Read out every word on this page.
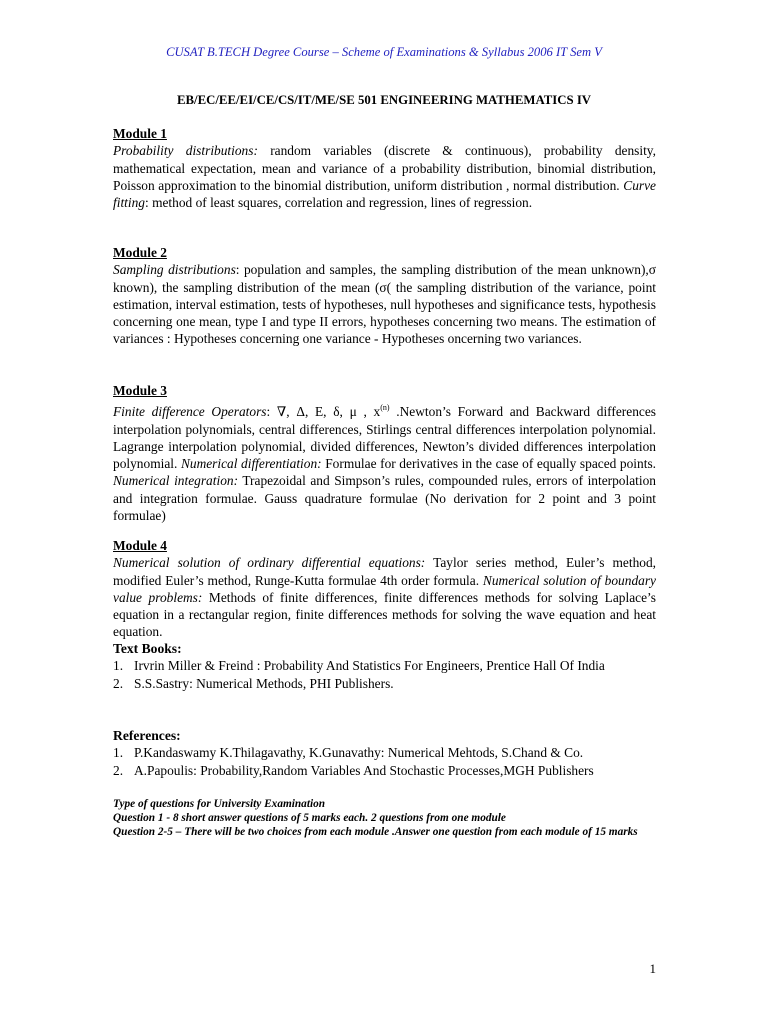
CUSAT B.TECH Degree Course – Scheme of Examinations & Syllabus 2006 IT Sem V
EB/EC/EE/EI/CE/CS/IT/ME/SE 501 ENGINEERING MATHEMATICS IV
Module 1

Probability distributions: random variables (discrete & continuous), probability density, mathematical expectation, mean and variance of a probability distribution, binomial distribution, Poisson approximation to the binomial distribution, uniform distribution , normal distribution. Curve fitting: method of least squares, correlation and regression, lines of regression.

Module 2

Sampling distributions: population and samples, the sampling distribution of the mean unknown),σ known), the sampling distribution of the mean (σ( the sampling distribution of the variance, point estimation, interval estimation, tests of hypotheses, null hypotheses and significance tests, hypothesis concerning one mean, type I and type II errors, hypotheses concerning two means. The estimation of variances : Hypotheses concerning one variance - Hypotheses oncerning two variances.

Module 3

Finite difference Operators: ∇, Δ, E, δ, μ , $x^{(n)}$ .Newton’s Forward and Backward differences interpolation polynomials, central differences, Stirlings central differences interpolation polynomial. Lagrange interpolation polynomial, divided differences, Newton’s divided differences interpolation polynomial. Numerical differentiation: Formulae for derivatives in the case of equally spaced points. Numerical integration: Trapezoidal and Simpson’s rules, compounded rules, errors of interpolation and integration formulae. Gauss quadrature formulae (No derivation for 2 point and 3 point formulae)

Module 4

Numerical solution of ordinary differential equations: Taylor series method, Euler’s method, modified Euler’s method, Runge-Kutta formulae 4th order formula. Numerical solution of boundary value problems: Methods of finite differences, finite differences methods for solving Laplace’s equation in a rectangular region, finite differences methods for solving the wave equation and heat equation.

Text Books:
1. Irvrin Miller & Freind : Probability And Statistics For Engineers, Prentice Hall Of India
2. S.S.Sastry: Numerical Methods, PHI Publishers.
References:
1. P.Kandaswamy K.Thilagavathy, K.Gunavathy: Numerical Mehtods, S.Chand & Co.
2. A.Papoulis: Probability,Random Variables And Stochastic Processes,MGH Publishers
Type of questions for University Examination
Question 1 - 8 short answer questions of 5 marks each. 2 questions from one module
Question 2-5 – There will be two choices from each module .Answer one question from each module of 15 marks
1
